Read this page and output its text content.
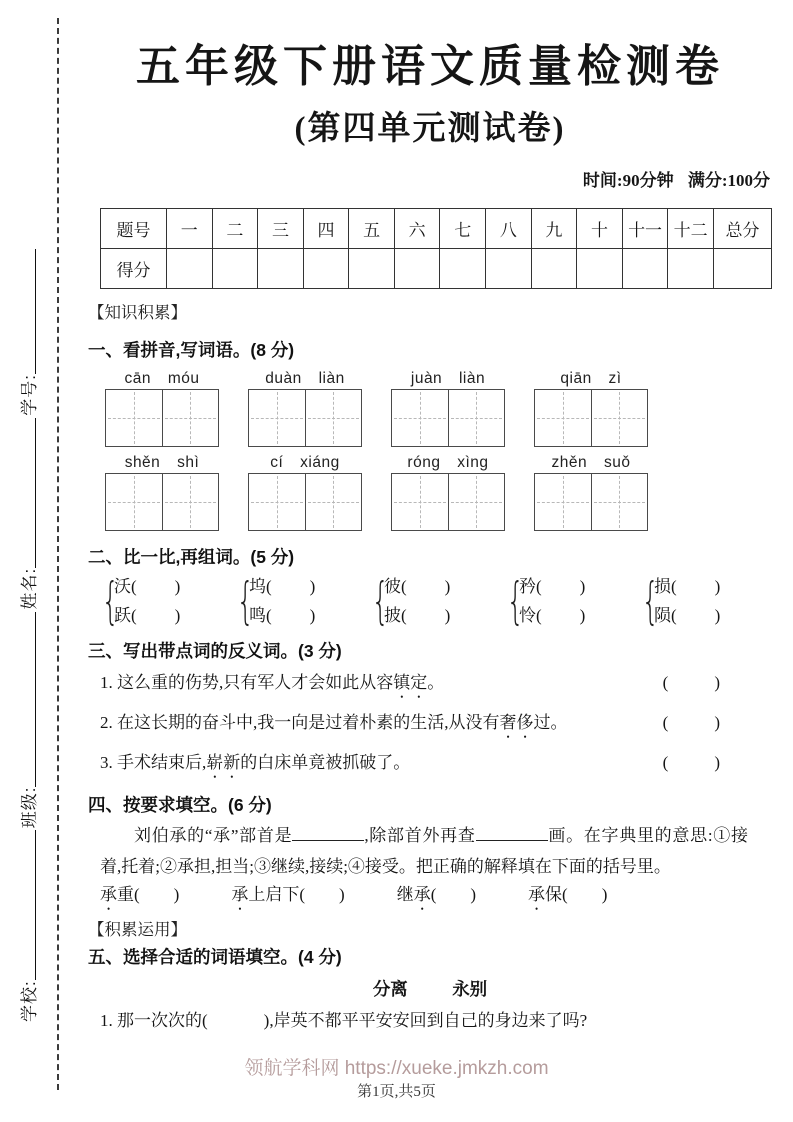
学校:
班级:
姓名:
学号:
五年级下册语文质量检测卷
(第四单元测试卷)
时间:90分钟 满分:100分
题号	一	二	三	四	五	六	七	八	九	十	十一	十二	总分
得分													
【知识积累】
一、看拼音,写词语。(8 分)
cān móu	duàn liàn	juàn liàn	qiān zì
shěn shì	cí xiáng	róng xìng	zhěn suǒ
二、比一比,再组词。(5 分)
{
沃( )
跃( ) {
坞( )
鸣( ) {
彼( )
披( ) {
矜( )
怜( ) {
损( )
陨( )
三、写出带点词的反义词。(3 分)
1. 这么重的伤势,只有军人才会如此从容镇定。	(	)
2. 在这长期的奋斗中,我一向是过着朴素的生活,从没有奢侈过。	(	)
3. 手术结束后,崭新的白床单竟被抓破了。	(	)
四、按要求填空。(6 分)
刘伯承的“承”部首是	,除部首外再查	画。在字典里的意思:①接着,托着;②承担,担当;③继续,接续;④接受。把正确的解释填在下面的括号里。
承重( )	承上启下( )	继承( )	承保( )
【积累运用】
五、选择合适的词语填空。(4 分)
分离	永别
1. 那一次次的(	),岸英不都平平安安回到自己的身边来了吗?
领航学科网 https://xueke.jmkzh.com
第1页,共5页
